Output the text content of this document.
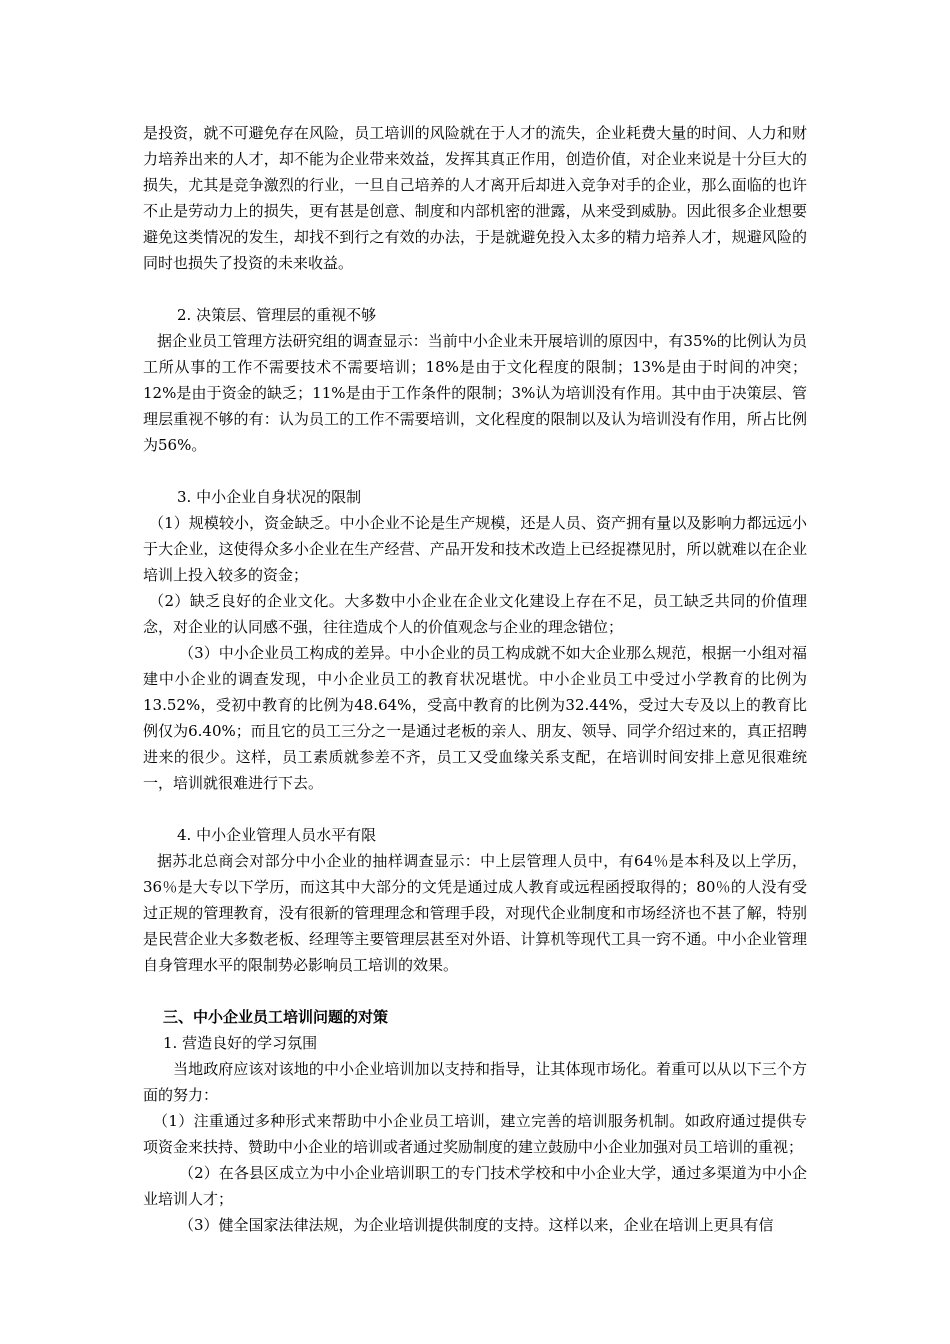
是投资，就不可避免存在风险，员工培训的风险就在于人才的流失，企业耗费大量的时间、人力和财力培养出来的人才，却不能为企业带来效益，发挥其真正作用，创造价值，对企业来说是十分巨大的损失，尤其是竞争激烈的行业，一旦自己培养的人才离开后却进入竞争对手的企业，那么面临的也许不止是劳动力上的损失，更有甚是创意、制度和内部机密的泄露，从来受到威胁。因此很多企业想要避免这类情况的发生，却找不到行之有效的办法，于是就避免投入太多的精力培养人才，规避风险的同时也损失了投资的未来收益。

2. 决策层、管理层的重视不够

据企业员工管理方法研究组的调查显示：当前中小企业未开展培训的原因中，有35%的比例认为员工所从事的工作不需要技术不需要培训；18%是由于文化程度的限制；13%是由于时间的冲突；12%是由于资金的缺乏；11%是由于工作条件的限制；3%认为培训没有作用。其中由于决策层、管理层重视不够的有：认为员工的工作不需要培训，文化程度的限制以及认为培训没有作用，所占比例为56%。

3. 中小企业自身状况的限制

（1）规模较小，资金缺乏。中小企业不论是生产规模，还是人员、资产拥有量以及影响力都远远小于大企业，这使得众多小企业在生产经营、产品开发和技术改造上已经捉襟见肘，所以就难以在企业培训上投入较多的资金；

（2）缺乏良好的企业文化。大多数中小企业在企业文化建设上存在不足，员工缺乏共同的价值理念，对企业的认同感不强，往往造成个人的价值观念与企业的理念错位；

（3）中小企业员工构成的差异。中小企业的员工构成就不如大企业那么规范，根据一小组对福建中小企业的调查发现，中小企业员工的教育状况堪忧。中小企业员工中受过小学教育的比例为13.52%，受初中教育的比例为48.64%，受高中教育的比例为32.44%，受过大专及以上的教育比例仅为6.40%；而且它的员工三分之一是通过老板的亲人、朋友、领导、同学介绍过来的，真正招聘进来的很少。这样，员工素质就参差不齐，员工又受血缘关系支配，在培训时间安排上意见很难统一，培训就很难进行下去。

4. 中小企业管理人员水平有限

据苏北总商会对部分中小企业的抽样调查显示：中上层管理人员中，有64％是本科及以上学历，36％是大专以下学历，而这其中大部分的文凭是通过成人教育或远程函授取得的；80％的人没有受过正规的管理教育，没有很新的管理理念和管理手段，对现代企业制度和市场经济也不甚了解，特别是民营企业大多数老板、经理等主要管理层甚至对外语、计算机等现代工具一窍不通。中小企业管理自身管理水平的限制势必影响员工培训的效果。

三、中小企业员工培训问题的对策

1. 营造良好的学习氛围

当地政府应该对该地的中小企业培训加以支持和指导，让其体现市场化。着重可以从以下三个方面的努力：

（1）注重通过多种形式来帮助中小企业员工培训，建立完善的培训服务机制。如政府通过提供专项资金来扶持、赞助中小企业的培训或者通过奖励制度的建立鼓励中小企业加强对员工培训的重视；

（2）在各县区成立为中小企业培训职工的专门技术学校和中小企业大学，通过多渠道为中小企业培训人才；

（3）健全国家法律法规，为企业培训提供制度的支持。这样以来，企业在培训上更具有信
